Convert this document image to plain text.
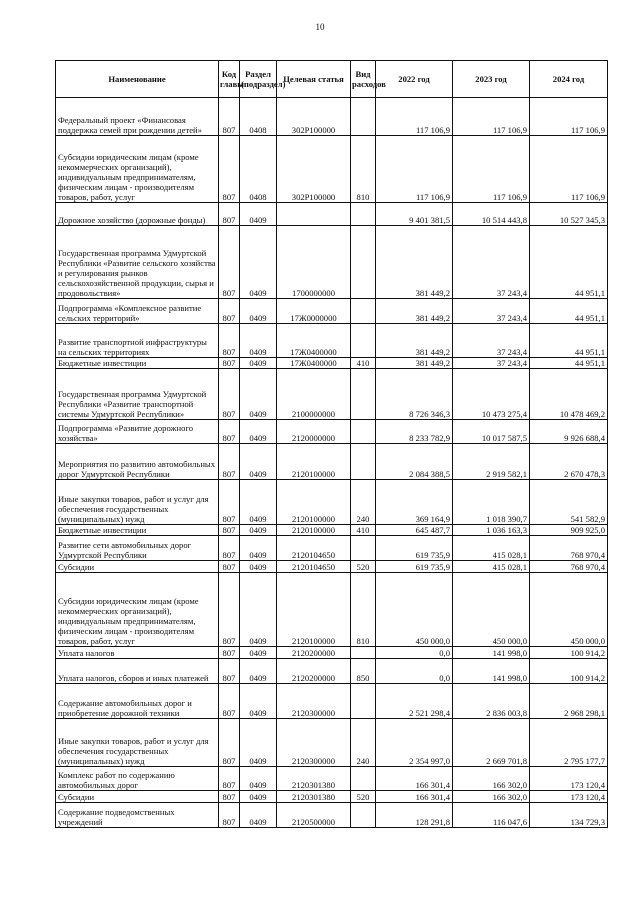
10
Наименование	Код главы	Раздел (подраздел)	Целевая статья	Вид расходов	2022 год	2023 год	2024 год
Федеральный проект «Финансовая поддержка семей при рождении детей»	807	0408	302P100000		117 106,9	117 106,9	117 106,9
Субсидии юридическим лицам (кроме некоммерческих организаций), индивидуальным предпринимателям, физическим лицам - производителям товаров, работ, услуг	807	0408	302P100000	810	117 106,9	117 106,9	117 106,9
Дорожное хозяйство (дорожные фонды)	807	0409			9 401 381,5	10 514 443,8	10 527 345,3
Государственная программа Удмуртской Республики «Развитие сельского хозяйства и регулирования рынков сельскохозяйственной продукции, сырья и продовольствия»	807	0409	1700000000		381 449,2	37 243,4	44 951,1
Подпрограмма «Комплексное развитие сельских территорий»	807	0409	17Ж0000000		381 449,2	37 243,4	44 951,1
Развитие транспортной инфраструктуры на сельских территориях	807	0409	17Ж0400000		381 449,2	37 243,4	44 951,1
Бюджетные инвестиции	807	0409	17Ж0400000	410	381 449,2	37 243,4	44 951,1
Государственная программа Удмуртской Республики «Развитие транспортной системы Удмуртской Республики»	807	0409	2100000000		8 726 346,3	10 473 275,4	10 478 469,2
Подпрограмма «Развитие дорожного хозяйства»	807	0409	2120000000		8 233 782,9	10 017 587,5	9 926 688,4
Мероприятия по развитию автомобильных дорог Удмуртской Республики	807	0409	2120100000		2 084 388,5	2 919 582,1	2 670 478,3
Иные закупки товаров, работ и услуг для обеспечения государственных (муниципальных) нужд	807	0409	2120100000	240	369 164,9	1 018 390,7	541 582,9
Бюджетные инвестиции	807	0409	2120100000	410	645 487,7	1 036 163,3	909 925,0
Развитие сети автомобильных дорог Удмуртской Республики	807	0409	2120104650		619 735,9	415 028,1	768 970,4
Субсидии	807	0409	2120104650	520	619 735,9	415 028,1	768 970,4
Субсидии юридическим лицам (кроме некоммерческих организаций), индивидуальным предпринимателям, физическим лицам - производителям товаров, работ, услуг	807	0409	2120100000	810	450 000,0	450 000,0	450 000,0
Уплата налогов	807	0409	2120200000		0,0	141 998,0	100 914,2
Уплата налогов, сборов и иных платежей	807	0409	2120200000	850	0,0	141 998,0	100 914,2
Содержание автомобильных дорог и приобретение дорожной техники	807	0409	2120300000		2 521 298,4	2 836 003,8	2 968 298,1
Иные закупки товаров, работ и услуг для обеспечения государственных (муниципальных) нужд	807	0409	2120300000	240	2 354 997,0	2 669 701,8	2 795 177,7
Комплекс работ по содержанию автомобильных дорог	807	0409	2120301380		166 301,4	166 302,0	173 120,4
Субсидии	807	0409	2120301380	520	166 301,4	166 302,0	173 120,4
Содержание подведомственных учреждений	807	0409	2120500000		128 291,8	116 047,6	134 729,3
